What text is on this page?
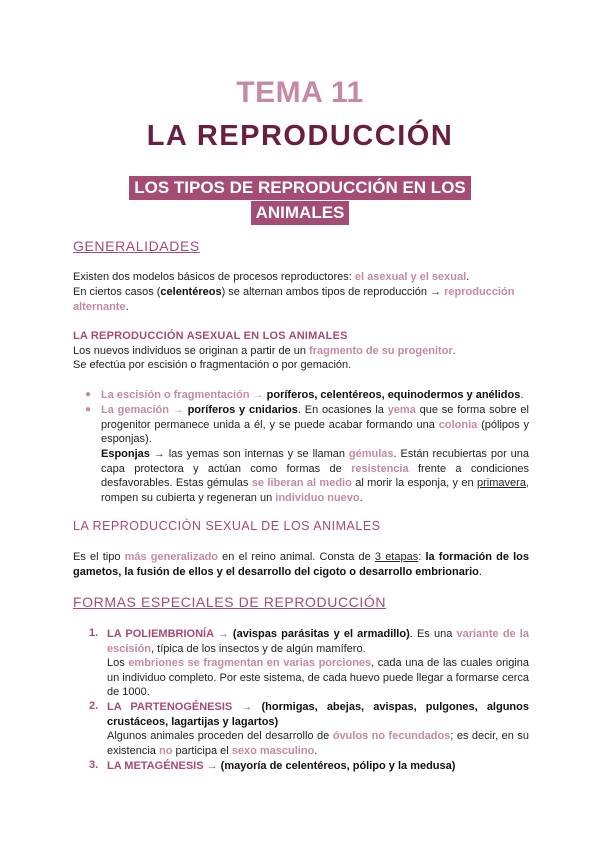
TEMA 11
LA REPRODUCCIÓN
LOS TIPOS DE REPRODUCCIÓN EN LOS
ANIMALES
GENERALIDADES
Existen dos modelos básicos de procesos reproductores: el asexual y el sexual.
En ciertos casos (celentéreos) se alternan ambos tipos de reproducción → reproducción alternante.
LA REPRODUCCIÓN ASEXUAL EN LOS ANIMALES
Los nuevos individuos se originan a partir de un fragmento de su progenitor.
Se efectúa por escisión o fragmentación o por gemación.
● La escisión o fragmentación → poríferos, celentéreos, equinodermos y anélidos.
● La gemación → poríferos y cnidarios. En ocasiones la yema que se forma sobre el progenitor permanece unida a él, y se puede acabar formando una colonia (pólipos y esponjas).
Esponjas → las yemas son internas y se llaman gémulas. Están recubiertas por una capa protectora y actúan como formas de resistencia frente a condiciones desfavorables. Estas gémulas se liberan al medio al morir la esponja, y en primavera, rompen su cubierta y regeneran un individuo nuevo.
LA REPRODUCCIÓN SEXUAL DE LOS ANIMALES
Es el tipo más generalizado en el reino animal. Consta de 3 etapas: la formación de los gametos, la fusión de ellos y el desarrollo del cigoto o desarrollo embrionario.
FORMAS ESPECIALES DE REPRODUCCIÓN
1. LA POLIEMBRIONÍA → (avispas parásitas y el armadillo). Es una variante de la escisión, típica de los insectos y de algún mamífero.
Los embriones se fragmentan en varias porciones, cada una de las cuales origina un individuo completo. Por este sistema, de cada huevo puede llegar a formarse cerca de 1000.
2. LA PARTENOGÉNESIS → (hormigas, abejas, avispas, pulgones, algunos crustáceos, lagartijas y lagartos)
Algunos animales proceden del desarrollo de óvulos no fecundados; es decir, en su existencia no participa el sexo masculino.
3. LA METAGÉNESIS → (mayoría de celentéreos, pólipo y la medusa)
